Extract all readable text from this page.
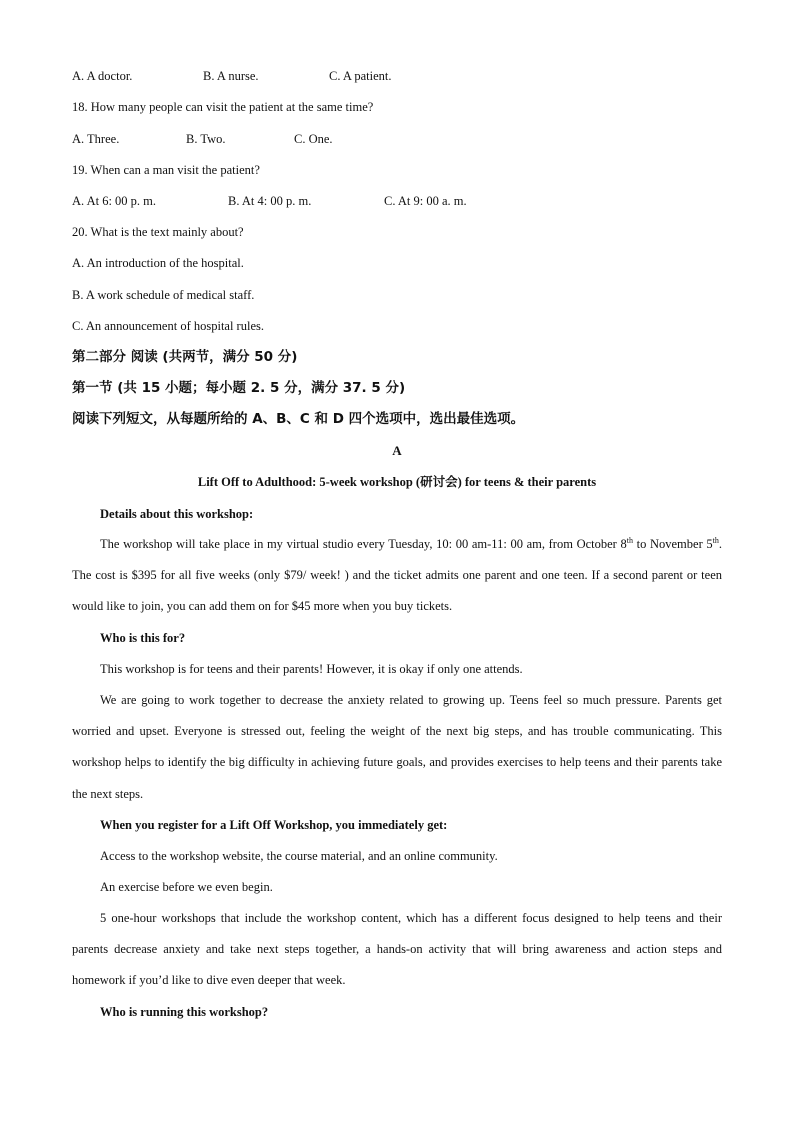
A. A doctor.	B. A nurse.	C. A patient.
18. How many people can visit the patient at the same time?
A. Three.	B. Two.	C. One.
19. When can a man visit the patient?
A. At 6: 00 p. m.	B. At 4: 00 p. m.	C. At 9: 00 a. m.
20. What is the text mainly about?
A. An introduction of the hospital.
B. A work schedule of medical staff.
C. An announcement of hospital rules.
第二部分 阅读 (共两节，满分 50 分)
第一节 (共 15 小题；每小题 2. 5 分，满分 37. 5 分)
阅读下列短文，从每题所给的 A、B、C 和 D 四个选项中，选出最佳选项。
A
Lift Off to Adulthood: 5-week workshop (研讨会) for teens & their parents
Details about this workshop:
The workshop will take place in my virtual studio every Tuesday, 10: 00 am-11: 00 am, from October 8th to November 5th. The cost is $395 for all five weeks (only $79/ week! ) and the ticket admits one parent and one teen. If a second parent or teen would like to join, you can add them on for $45 more when you buy tickets.
Who is this for?
This workshop is for teens and their parents! However, it is okay if only one attends.
We are going to work together to decrease the anxiety related to growing up. Teens feel so much pressure. Parents get worried and upset. Everyone is stressed out, feeling the weight of the next big steps, and has trouble communicating. This workshop helps to identify the big difficulty in achieving future goals, and provides exercises to help teens and their parents take the next steps.
When you register for a Lift Off Workshop, you immediately get:
Access to the workshop website, the course material, and an online community.
An exercise before we even begin.
5 one-hour workshops that include the workshop content, which has a different focus designed to help teens and their parents decrease anxiety and take next steps together, a hands-on activity that will bring awareness and action steps and homework if you’d like to dive even deeper that week.
Who is running this workshop?
